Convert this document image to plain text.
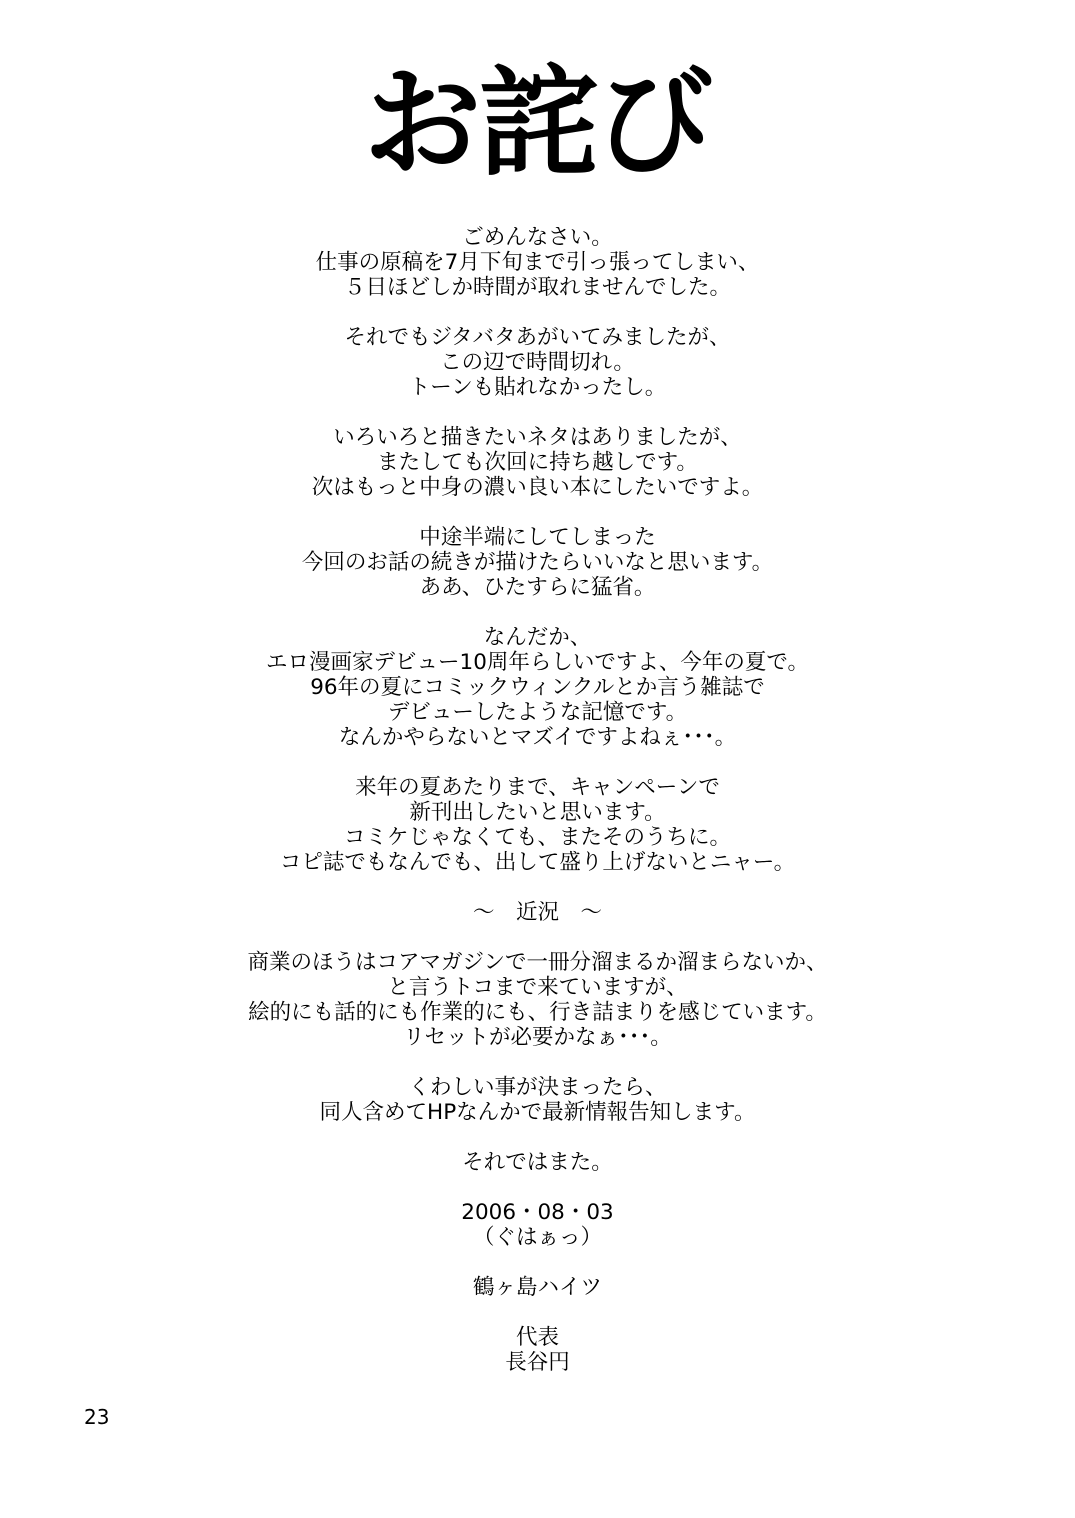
お詫び
ごめんなさい。
仕事の原稿を7月下旬まで引っ張ってしまい、
５日ほどしか時間が取れませんでした。
それでもジタバタあがいてみましたが、
この辺で時間切れ。
トーンも貼れなかったし。
いろいろと描きたいネタはありましたが、
またしても次回に持ち越しです。
次はもっと中身の濃い良い本にしたいですよ。
中途半端にしてしまった
今回のお話の続きが描けたらいいなと思います。
ああ、ひたすらに猛省。
なんだか、
エロ漫画家デビュー10周年らしいですよ、今年の夏で。
96年の夏にコミックウィンクルとか言う雑誌で
デビューしたような記憶です。
なんかやらないとマズイですよねぇ･･･。
来年の夏あたりまで、キャンペーンで
新刊出したいと思います。
コミケじゃなくても、またそのうちに。
コピ誌でもなんでも、出して盛り上げないとニャー。
～　近況　～
商業のほうはコアマガジンで一冊分溜まるか溜まらないか、
と言うトコまで来ていますが、
絵的にも話的にも作業的にも、行き詰まりを感じています。
リセットが必要かなぁ･･･。
くわしい事が決まったら、
同人含めてHPなんかで最新情報告知します。
それではまた。
2006・08・03
（ぐはぁっ）
鶴ヶ島ハイツ
代表
長谷円
23
